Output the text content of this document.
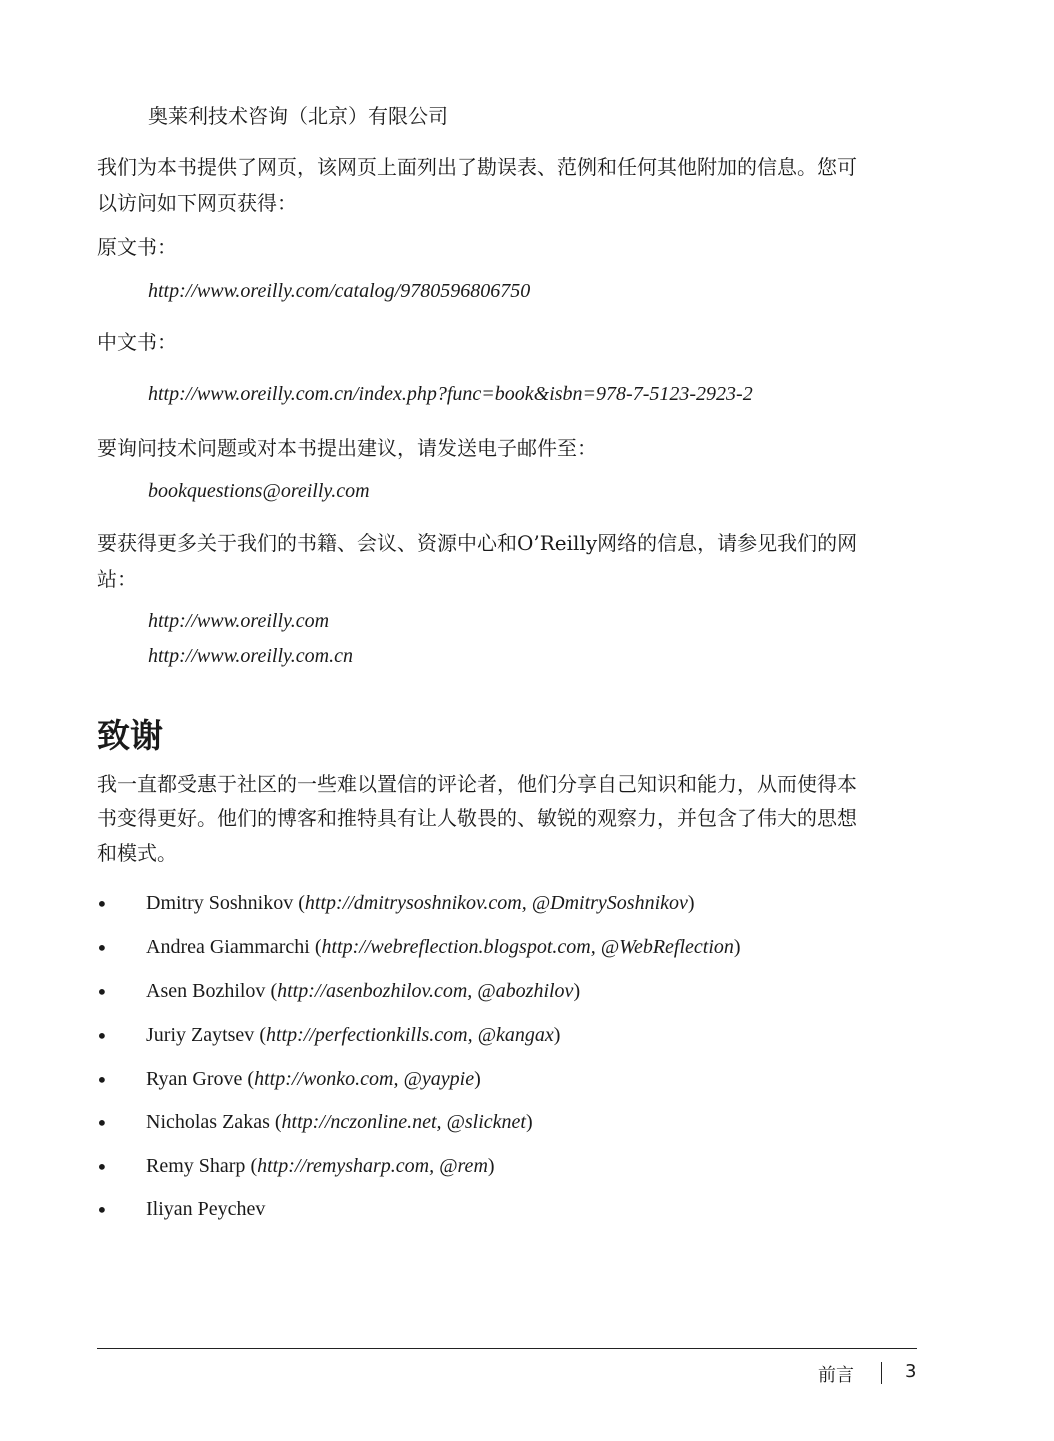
奥莱利技术咨询（北京）有限公司
我们为本书提供了网页，该网页上面列出了勘误表、范例和任何其他附加的信息。您可
以访问如下网页获得：
原文书：
http://www.oreilly.com/catalog/9780596806750
中文书：
http://www.oreilly.com.cn/index.php?func=book&isbn=978-7-5123-2923-2
要询问技术问题或对本书提出建议，请发送电子邮件至：
bookquestions@oreilly.com
要获得更多关于我们的书籍、会议、资源中心和O’Reilly网络的信息，请参见我们的网
站：
http://www.oreilly.com
http://www.oreilly.com.cn
致谢
我一直都受惠于社区的一些难以置信的评论者，他们分享自己知识和能力，从而使得本
书变得更好。他们的博客和推特具有让人敬畏的、敏锐的观察力，并包含了伟大的思想
和模式。
• Dmitry Soshnikov (http://dmitrysoshnikov.com, @DmitrySoshnikov)
• Andrea Giammarchi (http://webreflection.blogspot.com, @WebReflection)
• Asen Bozhilov (http://asenbozhilov.com, @abozhilov)
• Juriy Zaytsev (http://perfectionkills.com, @kangax)
• Ryan Grove (http://wonko.com, @yaypie)
• Nicholas Zakas (http://nczonline.net, @slicknet)
• Remy Sharp (http://remysharp.com, @rem)
• Iliyan Peychev
前言	3
